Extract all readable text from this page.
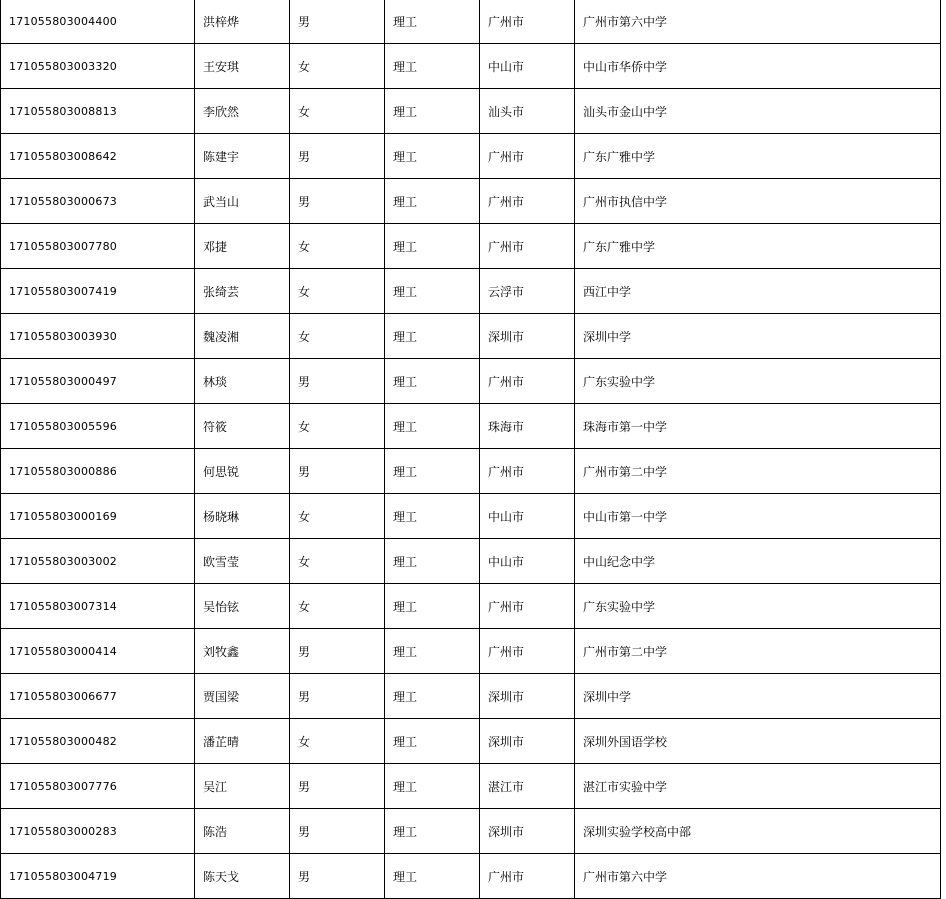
171055803004400	洪梓烨	男	理工	广州市	广州市第六中学
171055803003320	王安琪	女	理工	中山市	中山市华侨中学
171055803008813	李欣然	女	理工	汕头市	汕头市金山中学
171055803008642	陈建宇	男	理工	广州市	广东广雅中学
171055803000673	武当山	男	理工	广州市	广州市执信中学
171055803007780	邓捷	女	理工	广州市	广东广雅中学
171055803007419	张绮芸	女	理工	云浮市	西江中学
171055803003930	魏凌湘	女	理工	深圳市	深圳中学
171055803000497	林琰	男	理工	广州市	广东实验中学
171055803005596	符筱	女	理工	珠海市	珠海市第一中学
171055803000886	何思锐	男	理工	广州市	广州市第二中学
171055803000169	杨晓琳	女	理工	中山市	中山市第一中学
171055803003002	欧雪莹	女	理工	中山市	中山纪念中学
171055803007314	吴怡铉	女	理工	广州市	广东实验中学
171055803000414	刘牧鑫	男	理工	广州市	广州市第二中学
171055803006677	贾国梁	男	理工	深圳市	深圳中学
171055803000482	潘芷晴	女	理工	深圳市	深圳外国语学校
171055803007776	吴江	男	理工	湛江市	湛江市实验中学
171055803000283	陈浩	男	理工	深圳市	深圳实验学校高中部
171055803004719	陈天戈	男	理工	广州市	广州市第六中学
